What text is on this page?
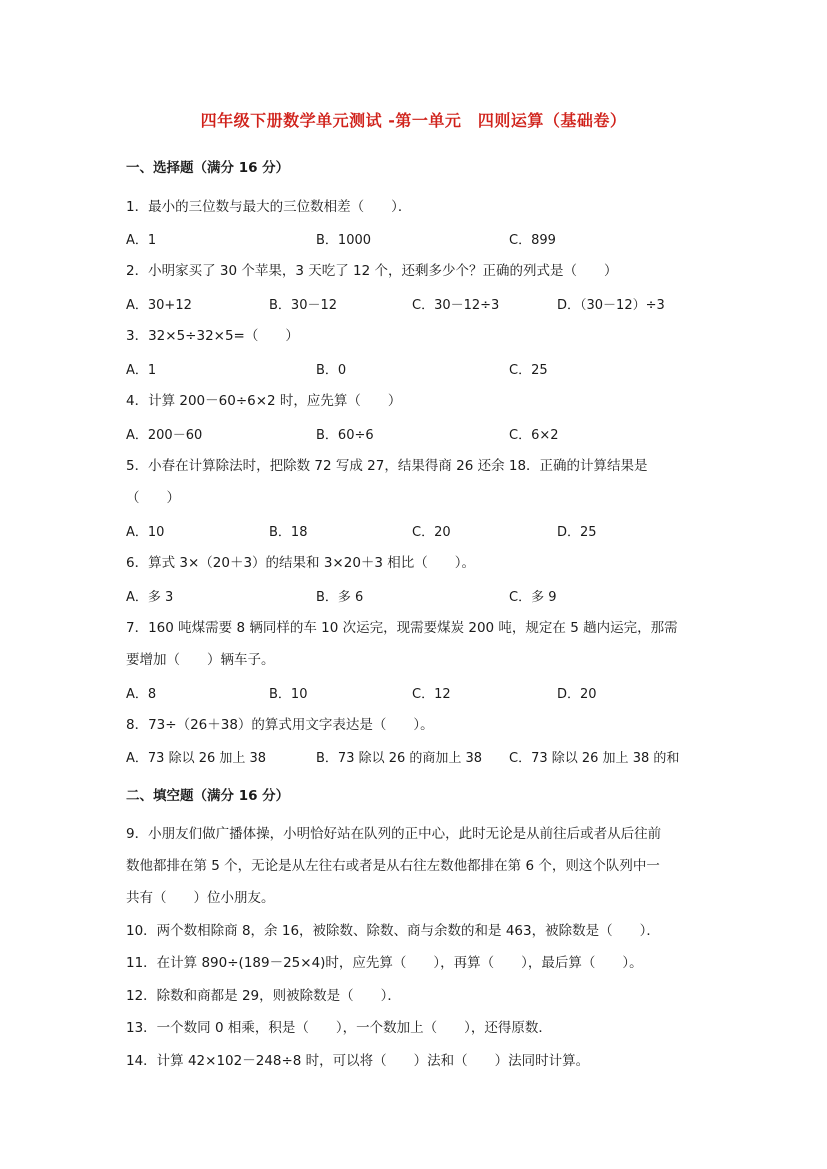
四年级下册数学单元测试 -第一单元　四则运算（基础卷）
一、选择题（满分 16 分）
1．最小的三位数与最大的三位数相差（　　）．
A．1	B．1000	C．899
2．小明家买了 30 个苹果，3 天吃了 12 个，还剩多少个？正确的列式是（　　）
A．30+12	B．30－12	C．30－12÷3	D．（30－12）÷3
3．32×5÷32×5=（　　）
A．1	B．0	C．25
4．计算 200－60÷6×2 时，应先算（　　）
A．200－60	B．60÷6	C．6×2
5．小春在计算除法时，把除数 72 写成 27，结果得商 26 还余 18．正确的计算结果是
（　　）
A．10	B．18	C．20	D．25
6．算式 3×（20＋3）的结果和 3×20＋3 相比（　　）。
A．多 3	B．多 6	C．多 9
7．160 吨煤需要 8 辆同样的车 10 次运完，现需要煤炭 200 吨，规定在 5 趟内运完，那需
要增加（　　）辆车子。
A．8	B．10	C．12	D．20
8．73÷（26＋38）的算式用文字表达是（　　）。
A．73 除以 26 加上 38	B．73 除以 26 的商加上 38 C．73 除以 26 加上 38 的和
二、填空题（满分 16 分）
9．小朋友们做广播体操，小明恰好站在队列的正中心，此时无论是从前往后或者从后往前
数他都排在第 5 个，无论是从左往右或者是从右往左数他都排在第 6 个，则这个队列中一
共有（　　）位小朋友。
10．两个数相除商 8，余 16，被除数、除数、商与余数的和是 463，被除数是（　　）．
11．在计算 890÷(189－25×4)时，应先算（　　），再算（　　），最后算（　　）。
12．除数和商都是 29，则被除数是（　　）．
13．一个数同 0 相乘，积是（　　），一个数加上（　　），还得原数．
14．计算 42×102－248÷8 时，可以将（　　）法和（　　）法同时计算。
